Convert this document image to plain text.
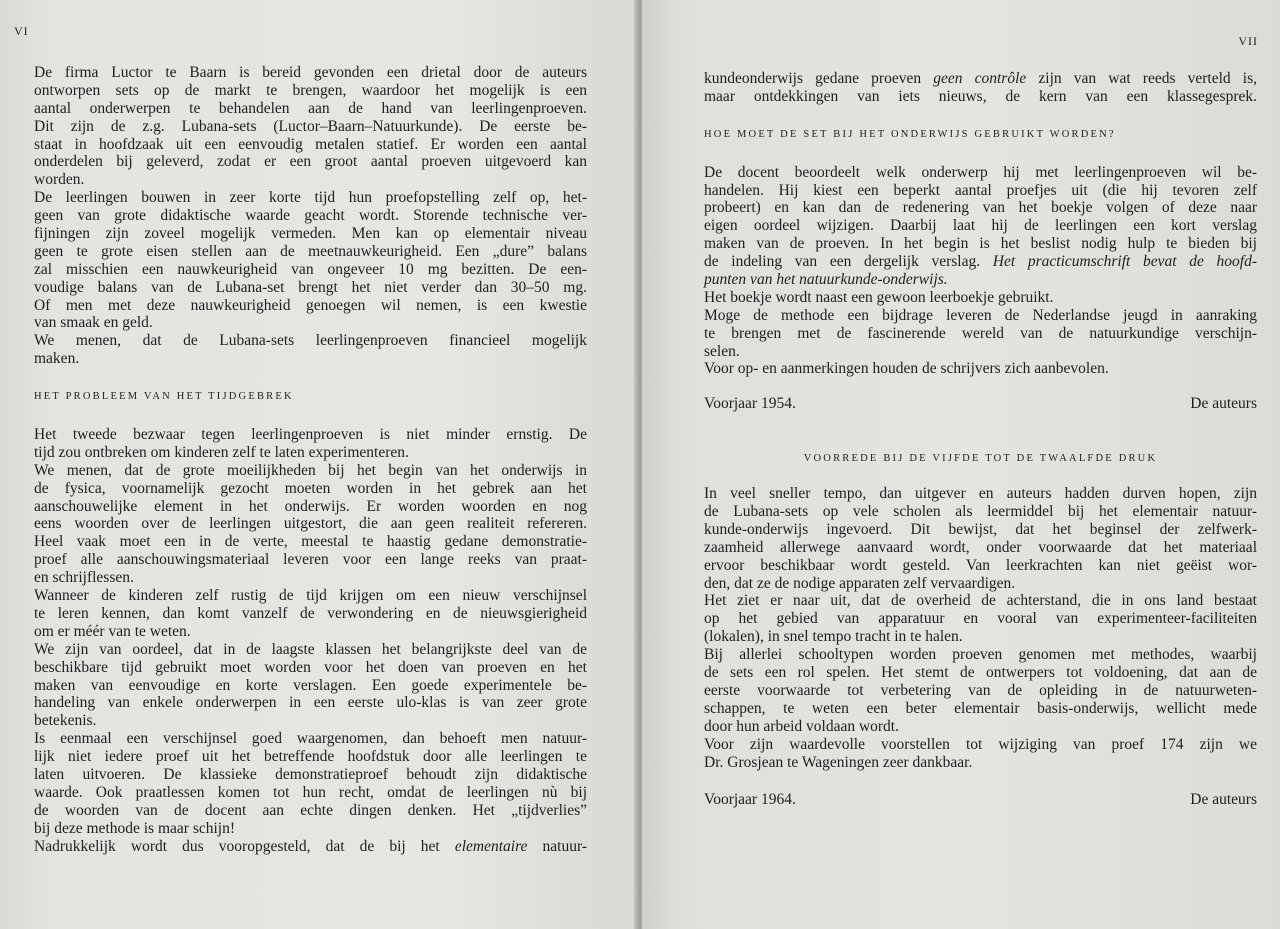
VI
De firma Luctor te Baarn is bereid gevonden een drietal door de auteurs
ontworpen sets op de markt te brengen, waardoor het mogelijk is een
aantal onderwerpen te behandelen aan de hand van leerlingenproeven.
Dit zijn de z.g. Lubana-sets (Luctor–Baarn–Natuurkunde). De eerste be-
staat in hoofdzaak uit een eenvoudig metalen statief. Er worden een aantal
onderdelen bij geleverd, zodat er een groot aantal proeven uitgevoerd kan
worden.
De leerlingen bouwen in zeer korte tijd hun proefopstelling zelf op, het-
geen van grote didaktische waarde geacht wordt. Storende technische ver-
fijningen zijn zoveel mogelijk vermeden. Men kan op elementair niveau
geen te grote eisen stellen aan de meetnauwkeurigheid. Een „dure” balans
zal misschien een nauwkeurigheid van ongeveer 10 mg bezitten. De een-
voudige balans van de Lubana-set brengt het niet verder dan 30–50 mg.
Of men met deze nauwkeurigheid genoegen wil nemen, is een kwestie
van smaak en geld.
We menen, dat de Lubana-sets leerlingenproeven financieel mogelijk
maken.
HET PROBLEEM VAN HET TIJDGEBREK
Het tweede bezwaar tegen leerlingenproeven is niet minder ernstig. De
tijd zou ontbreken om kinderen zelf te laten experimenteren.
We menen, dat de grote moeilijkheden bij het begin van het onderwijs in
de fysica, voornamelijk gezocht moeten worden in het gebrek aan het
aanschouwelijke element in het onderwijs. Er worden woorden en nog
eens woorden over de leerlingen uitgestort, die aan geen realiteit refereren.
Heel vaak moet een in de verte, meestal te haastig gedane demonstratie-
proef alle aanschouwingsmateriaal leveren voor een lange reeks van praat-
en schrijflessen.
Wanneer de kinderen zelf rustig de tijd krijgen om een nieuw verschijnsel
te leren kennen, dan komt vanzelf de verwondering en de nieuwsgierigheid
om er méér van te weten.
We zijn van oordeel, dat in de laagste klassen het belangrijkste deel van de
beschikbare tijd gebruikt moet worden voor het doen van proeven en het
maken van eenvoudige en korte verslagen. Een goede experimentele be-
handeling van enkele onderwerpen in een eerste ulo-klas is van zeer grote
betekenis.
Is eenmaal een verschijnsel goed waargenomen, dan behoeft men natuur-
lijk niet iedere proef uit het betreffende hoofdstuk door alle leerlingen te
laten uitvoeren. De klassieke demonstratieproef behoudt zijn didaktische
waarde. Ook praatlessen komen tot hun recht, omdat de leerlingen nù bij
de woorden van de docent aan echte dingen denken. Het „tijdverlies”
bij deze methode is maar schijn!
Nadrukkelijk wordt dus vooropgesteld, dat de bij het elementaire natuur-
VII
kundeonderwijs gedane proeven geen contrôle zijn van wat reeds verteld is,
maar ontdekkingen van iets nieuws, de kern van een klassegesprek.
HOE MOET DE SET BIJ HET ONDERWIJS GEBRUIKT WORDEN?
De docent beoordeelt welk onderwerp hij met leerlingenproeven wil be-
handelen. Hij kiest een beperkt aantal proefjes uit (die hij tevoren zelf
probeert) en kan dan de redenering van het boekje volgen of deze naar
eigen oordeel wijzigen. Daarbij laat hij de leerlingen een kort verslag
maken van de proeven. In het begin is het beslist nodig hulp te bieden bij
de indeling van een dergelijk verslag. Het practicumschrift bevat de hoofd-
punten van het natuurkunde-onderwijs.
Het boekje wordt naast een gewoon leerboekje gebruikt.
Moge de methode een bijdrage leveren de Nederlandse jeugd in aanraking
te brengen met de fascinerende wereld van de natuurkundige verschijn-
selen.
Voor op- en aanmerkingen houden de schrijvers zich aanbevolen.
Voorjaar 1954.	De auteurs
VOORREDE BIJ DE VIJFDE TOT DE TWAALFDE DRUK
In veel sneller tempo, dan uitgever en auteurs hadden durven hopen, zijn
de Lubana-sets op vele scholen als leermiddel bij het elementair natuur-
kunde-onderwijs ingevoerd. Dit bewijst, dat het beginsel der zelfwerk-
zaamheid allerwege aanvaard wordt, onder voorwaarde dat het materiaal
ervoor beschikbaar wordt gesteld. Van leerkrachten kan niet geëist wor-
den, dat ze de nodige apparaten zelf vervaardigen.
Het ziet er naar uit, dat de overheid de achterstand, die in ons land bestaat
op het gebied van apparatuur en vooral van experimenteer-faciliteiten
(lokalen), in snel tempo tracht in te halen.
Bij allerlei schooltypen worden proeven genomen met methodes, waarbij
de sets een rol spelen. Het stemt de ontwerpers tot voldoening, dat aan de
eerste voorwaarde tot verbetering van de opleiding in de natuurweten-
schappen, te weten een beter elementair basis-onderwijs, wellicht mede
door hun arbeid voldaan wordt.
Voor zijn waardevolle voorstellen tot wijziging van proef 174 zijn we
Dr. Grosjean te Wageningen zeer dankbaar.
Voorjaar 1964.	De auteurs
